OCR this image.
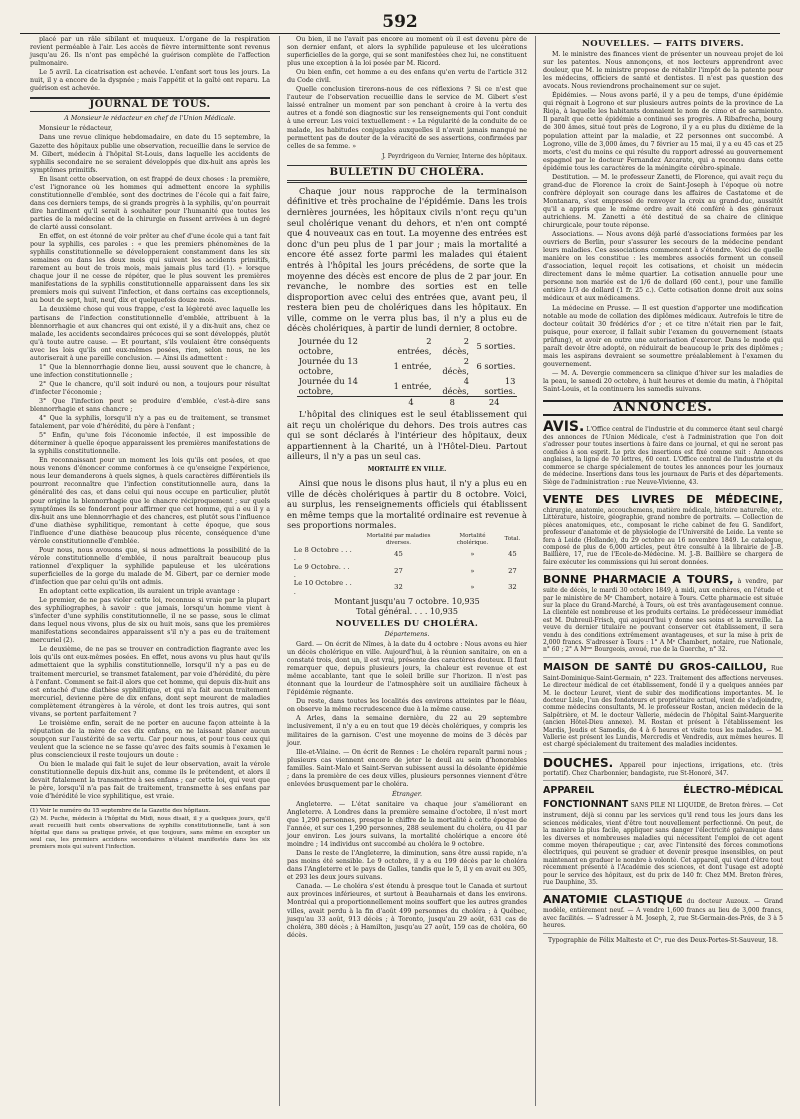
592

placé par un râle sibilant et muqueux. L'organe de la respiration revient perméable à l'air. Les accès de fièvre intermittente sont revenus jusqu'au 26. Ils n'ont pas empêché la guérison complète de l'affection pulmonaire.

Le 5 avril. La cicatrisation est achevée. L'enfant sort tous les jours. La nuit, il y a encore de la dyspnée ; mais l'appétit et la gaîté ont reparu. La guérison est achevée.

JOURNAL DE TOUS.
A Monsieur le rédacteur en chef de l'Union Médicale.

Monsieur le rédacteur,

Dans une revue clinique hebdomadaire, en date du 15 septembre, la Gazette des hôpitaux publie une observation, recueillie dans le service de M. Gibert, médecin à l'hôpital St-Louis, dans laquelle les accidents de syphilis secondaire ne se seraient développés que dix-huit ans après les symptômes primitifs.

En lisant cette observation, on est frappé de deux choses : la première, c'est l'ignorance où les hommes qui admettent encore la syphilis constitutionnelle d'emblée, sont des doctrines de l'école qui a fait faire, dans ces derniers temps, de si grands progrès à la syphilis, qu'on pourrait dire hardiment qu'il serait à souhaiter pour l'humanité que toutes les parties de la médecine et de la chirurgie en fussent arrivées à un degré de clarté aussi consolant.

En effet, on est étonné de voir prêter au chef d'une école qui a tant fait pour la syphilis, ces paroles : « que les premiers phénomènes de la syphilis constitutionnelle se développeraient constamment dans les six semaines ou dans les deux mois qui suivent les accidents primitifs, rarement au bout de trois mois, mais jamais plus tard (1). » lorsque chaque jour il ne cesse de répéter, que le plus souvent les premières manifestations de la syphilis constitutionnelle apparaissent dans les six premiers mois qui suivent l'infection, et dans certains cas exceptionnels, au bout de sept, huit, neuf, dix et quelquefois douze mois.

La deuxième chose qui vous frappe, c'est la légèreté avec laquelle les partisans de l'infection constitutionnelle d'emblée, attribuent à la blennorrhagie et aux chancres qui ont existé, il y a dix-huit ans, chez ce malade, les accidents secondaires précoces qui se sont développés, plutôt qu'à toute autre cause. — Et pourtant, s'ils voulaient être conséquents avec les lois qu'ils ont eux-mêmes posées, rien, selon nous, ne les autoriserait à une pareille conclusion. — Ainsi ils admettent :

1° Que la blennorrhagie donne lieu, aussi souvent que le chancre, à une infection constitutionnelle ;

2° Que le chancre, qu'il soit induré ou non, a toujours pour résultat d'infecter l'économie ;

3° Que l'infection peut se produire d'emblée, c'est-à-dire sans blennorrhagie et sans chancre ;

4° Que la syphilis, lorsqu'il n'y a pas eu de traitement, se transmet fatalement, par voie d'hérédité, du père à l'enfant ;

5° Enfin, qu'une fois l'économie infectée, il est impossible de déterminer à quelle époque apparaissent les premières manifestations de la syphilis constitutionnelle.

En reconnaissant pour un moment les lois qu'ils ont posées, et que nous venons d'énoncer comme conformes à ce qu'enseigne l'expérience, nous leur demanderons à quels signes, à quels caractères différentiels ils pourront reconnaître que l'infection constitutionnelle aura, dans la généralité des cas, et dans celui qui nous occupe en particulier, plutôt pour origine la blennorrhagie que le chancre réciproquement ; sur quels symptômes ils se fonderont pour affirmer que cet homme, qui a eu il y a dix-huit ans une blennorrhagie et des chancres, est plutôt sous l'influence d'une diathèse syphilitique, remontant à cette époque, que sous l'influence d'une diathèse beaucoup plus récente, conséquence d'une vérole constitutionnelle d'emblée.

Pour nous, nous avouons que, si nous admettions la possibilité de la vérole constitutionnelle d'emblée, il nous paraîtrait beaucoup plus rationnel d'expliquer la syphilide papuleuse et les ulcérations superficielles de la gorge du malade de M. Gibert, par ce dernier mode d'infection que par celui qu'ils ont admis.

En adoptant cette explication, ils auraient un triple avantage :

Le premier, de ne pas violer cette loi, reconnue si vraie par la plupart des syphiliographes, à savoir : que jamais, lorsqu'un homme vient à s'infecter d'une syphilis constitutionnelle, il ne se passe, sous le climat dans lequel nous vivons, plus de six ou huit mois, sans que les premières manifestations secondaires apparaissent s'il n'y a pas eu de traitement mercuriel (2).

Le deuxième, de ne pas se trouver en contradiction flagrante avec les lois qu'ils ont eux-mêmes posées. En effet, nous avons vu plus haut qu'ils admettaient que la syphilis constitutionnelle, lorsqu'il n'y a pas eu de traitement mercuriel, se transmet fatalement, par voie d'hérédité, du père à l'enfant. Comment se fait-il alors que cet homme, qui depuis dix-huit ans est entaché d'une diathèse syphilitique, et qui n'a fait aucun traitement mercuriel, devienne père de dix enfans, dont sept meurent de maladies complètement étrangères à la vérole, et dont les trois autres, qui sont vivans, se portent parfaitement ?

Le troisième enfin, serait de ne porter en aucune façon atteinte à la réputation de la mère de ces dix enfans, en ne laissant planer aucun soupçon sur l'austérité de sa vertu. Car pour nous, et pour tous ceux qui veulent que la science ne se fasse qu'avec des faits soumis à l'examen le plus consciencieux il reste toujours un doute :

Ou bien le malade qui fait le sujet de leur observation, avait la vérole constitutionnelle depuis dix-huit ans, comme ils le prétendent, et alors il devait fatalement la transmettre à ses enfans ; car cette loi, qui veut que le père, lorsqu'il n'a pas fait de traitement, transmette à ses enfans par voie d'hérédité le vice syphilitique, est vraie.

(1) Voir le numéro du 15 septembre de la Gazette des hôpitaux.

(2) M. Puche, médecin à l'hôpital du Midi, nous disait, il y a quelques jours, qu'il avait recueilli huit cents observations de syphilis constitutionnelle, tant à son hôpital que dans sa pratique privée, et que toujours, sans même en excepter un seul cas, les premiers accidens secondaires n'étaient manifestés dans les six premiers mois qui suivent l'infection.

Ou bien, il ne l'avait pas encore au moment où il est devenu père de son dernier enfant, et alors la syphilide papuleuse et les ulcérations superficielles de la gorge, qui se sont manifestées chez lui, ne constituent plus une exception à la loi posée par M. Ricord.

Ou bien enfin, cet homme a eu des enfans qu'en vertu de l'article 312 du Code civil.

Quelle conclusion tirerons-nous de ces réflexions ? Si ce n'est que l'auteur de l'observation recueillie dans le service de M. Gibert s'est laissé entraîner un moment par son penchant à croire à la vertu des autres et a fondé son diagnostic sur les renseignements qui l'ont conduit à une erreur. Les voici textuellement : « La régularité de la conduite de ce malade, les habitudes conjugales auxquelles il n'avait jamais manqué ne permettent pas de douter de la véracité de ses assertions, confirmées par celles de sa femme. »

J. Peyrdrigeon du Vernier, Interne des hôpitaux.
BULLETIN DU CHOLÉRA.

Chaque jour nous rapproche de la terminaison définitive et très prochaine de l'épidémie. Dans les trois dernières journées, les hôpitaux civils n'ont reçu qu'un seul cholérique venant du dehors, et n'en ont compté que 4 nouveaux cas en tout. La moyenne des entrées est donc d'un peu plus de 1 par jour ; mais la mortalité a encore été assez forte parmi les malades qui étaient entrés à l'hôpital les jours précédens, de sorte que la moyenne des décès est encore de plus de 2 par jour. En revanche, le nombre des sorties est en telle disproportion avec celui des entrées que, avant peu, il restera bien peu de cholériques dans les hôpitaux. En ville, comme on le verra plus bas, il n'y a plus eu de décès cholériques, à partir de lundi dernier, 8 octobre.

Journée du 12 octobre,	2 entrées,	2 décès,	5 sorties.
Journée du 13 octobre,	1 entrée,	2 décès,	6 sorties.
Journée du 14 octobre,	1 entrée,	4 décès,	13 sorties.
	4	8	24

L'hôpital des cliniques est le seul établissement qui ait reçu un cholérique du dehors. Des trois autres cas qui se sont déclarés à l'intérieur des hôpitaux, deux appartiennent à la Charité, un à l'Hôtel-Dieu. Partout ailleurs, il n'y a pas un seul cas.

MORTALITÉ EN VILLE.

Ainsi que nous le disons plus haut, il n'y a plus eu en ville de décès cholériques à partir du 8 octobre. Voici, au surplus, les renseignements officiels qui établissent en même temps que la mortalité ordinaire est revenue à ses proportions normales.

	Mortalité par maladies diverses.	Mortalité cholérique.	Total.
Le 8 Octobre . . . .	45	»	45
Le 9 Octobre. . . .	27	»	27
Le 10 Octobre . . .	32	»	32
Montant jusqu'au 7 octobre. 10,935
Total général. . . . 10,935
NOUVELLES DU CHOLÉRA.
Départemens.

Gard. — On écrit de Nîmes, à la date du 4 octobre : Nous avons eu hier un décès cholérique en ville. Aujourd'hui, à la réunion sanitaire, on en a constaté trois, dont un, il est vrai, présente des caractères douteux. Il faut remarquer que, depuis plusieurs jours, la chaleur est revenue et est même accablante, tant que le soleil brille sur l'horizon. Il n'est pas étonnant que la lourdeur de l'atmosphère soit un auxiliaire fâcheux à l'épidémie régnante.

Du reste, dans toutes les localités des environs atteintes par le fléau, on observe la même recrudescence due à la même cause.

A Arles, dans la semaine dernière, du 22 au 29 septembre inclusivement, il n'y a eu en tout que 19 décès cholériques, y compris les militaires de la garnison. C'est une moyenne de moins de 3 décès par jour.

Ille-et-Vilaine. — On écrit de Rennes : Le choléra reparaît parmi nous ; plusieurs cas viennent encore de jeter le deuil au sein d'honorables familles. Saint-Malo et Saint-Servan subissent aussi la désolante épidémie ; dans la première de ces deux villes, plusieurs personnes viennent d'être enlevées brusquement par le choléra.

Étranger.

Angleterre. — L'état sanitaire va chaque jour s'améliorant en Angleterre. A Londres dans la première semaine d'octobre, il n'est mort que 1,290 personnes, presque le chiffre de la mortalité à cette époque de l'année, et sur ces 1,290 personnes, 288 seulement du choléra, ou 41 par jour environ. Les jours suivans, la mortalité cholérique a encore été moindre ; 14 individus ont succombé au choléra le 9 octobre.

Dans le reste de l'Angleterre, la diminution, sans être aussi rapide, n'a pas moins été sensible. Le 9 octobre, il y a eu 199 décès par le choléra dans l'Angleterre et le pays de Galles, tandis que le 5, il y en avait eu 305, et 293 les deux jours suivans.

Canada. — Le choléra s'est étendu à presque tout le Canada et surtout aux provinces inférieures, et surtout à Beauharnais et dans les environs. Montréal qui a proportionnellement moins souffert que les autres grandes villes, avait perdu à la fin d'août 499 personnes du choléra ; à Québec, jusqu'au 33 août, 913 décès ; à Toronto, jusqu'au 29 août, 631 cas de choléra, 380 décès ; à Hamilton, jusqu'au 27 août, 159 cas de choléra, 60 décès.

NOUVELLES. — FAITS DIVERS.

M. le ministre des finances vient de présenter un nouveau projet de loi sur les patentes. Nous annonçons, et nos lecteurs apprendront avec douleur, que M. le ministre propose de rétablir l'impôt de la patente pour les médecins, officiers de santé et dentistes. Il n'est pas question des avocats. Nous reviendrons prochainement sur ce sujet.

Épidémies. — Nous avons parlé, il y a peu de temps, d'une épidémie qui régnait à Logrono et sur plusieurs autres points de la province de La Rioja, à laquelle les habitants donnaient le nom de cimo et de sarmiento. Il paraît que cette épidémie a continué ses progrès. A Ribafrecha, bourg de 300 âmes, situé tout près de Logrono, il y a eu plus du dixième de la population atteint par la maladie, et 22 personnes ont succombé. A Logrono, ville de 3,000 âmes, du 7 février au 15 mai, il y a eu 45 cas et 25 morts, c'est du moins ce qui résulte du rapport adressé au gouvernement espagnol par le docteur Fernandez Azcarate, qui a reconnu dans cette épidémie tous les caractères de la méningite cérébro-spinale.

Destitution. — M. le professeur Zanetti, de Florence, qui avait reçu du grand-duc de Florence la croix de Saint-Joseph à l'époque où notre confrère déployait son courage dans les affaires de Castatome et de Montanara, s'est empressé de renvoyer la croix au grand-duc, aussitôt qu'il a appris que le même ordre avait été conféré à des généraux autrichiens. M. Zanetti a été destitué de sa chaire de clinique chirurgicale, pour toute réponse.

Associations. — Nous avons déjà parlé d'associations formées par les ouvriers de Berlin, pour s'assurer les secours de la médecine pendant leurs maladies. Ces associations commencent à s'étendre. Voici de quelle manière on les constitue : les membres associés forment un conseil d'association, lequel reçoit les cotisations, et choisit un médecin directement dans le même quartier. La cotisation annuelle pour une personne non mariée est de 1/6 de dollard (60 cent.), pour une famille entière 1/3 de dollard (1 fr. 25 c.). Cette cotisation donne droit aux soins médicaux et aux médicamens.

La médecine en Prusse. — Il est question d'apporter une modification notable au mode de collation des diplômes médicaux. Autrefois le titre de docteur coûtait 30 frédérics d'or ; et ce titre n'était rien par le fait, puisque, pour exercer, il fallait subir l'examen du gouvernement (staats prüfung), et avoir en outre une autorisation d'exercer. Dans le mode qui paraît devoir être adopté, on réduirait de beaucoup le prix des diplômes ; mais les aspirans devraient se soumettre préalablement à l'examen du gouvernement.

— M. A. Devergie commencera sa clinique d'hiver sur les maladies de la peau, le samedi 20 octobre, à huit heures et demie du matin, à l'hôpital Saint-Louis, et la continuera les samedis suivans.

ANNONCES.

AVIS. L'Office central de l'industrie et du commerce étant seul chargé des annonces de l'Union Médicale, c'est à l'administration que l'on doit s'adresser pour toutes insertions à faire dans ce journal, et qui ne seront pas confiées à son esprit. Le prix des insertions est fixé comme suit : Annonces anglaises, la ligne de 70 lettres, 60 cent. L'Office central de l'industrie et du commerce se charge spécialement de toutes les annonces pour les journaux de médecine. Insertions dans tous les journaux de Paris et des départements. Siège de l'administration : rue Neuve-Vivienne, 43.

VENTE DES LIVRES DE MÉDECINE, chirurgie, anatomie, accouchemens, matière médicale, histoire naturelle, etc. Littérature, histoire, géographie, grand nombre de portraits. — Collection de pièces anatomiques, etc., composant le riche cabinet de feu G. Sandifort, professeur d'anatomie et de physiologie de l'Université de Leide. La vente se fera à Leide (Hollande), du 29 octobre au 16 novembre 1849. Le catalogue, composé de plus de 6,000 articles, peut être consulté à la librairie de J.-B. Baillière, 17, rue de l'Ecole-de-Médecine. M. J.-B. Baillière se chargera de faire exécuter les commissions qui lui seront données.

BONNE PHARMACIE A TOURS, à vendre, par suite de décès, le mardi 30 octobre 1849, à midi, aux enchères, en l'étude et par le ministère de Mᵉ Chambert, notaire à Tours. Cette pharmacie est située sur la place du Grand-Marché, à Tours, où est très avantageusement connue. La clientèle est nombreuse et les produits certains. Le prédécesseur immédiat est M. Dubreuil-Frisch, qui aujourd'hui y donne ses soins et la surveille. La veuve du dernier titulaire ne pouvant conserver cet établissement, il sera vendu à des conditions extrêmement avantageuses, et sur la mise à prix de 2,000 francs. S'adresser à Tours : 1° A Mᵉ Chambert, notaire, rue Nationale, n° 60 ; 2° A Mᵐᵉ Bourgeois, avoué, rue de la Guerche, n° 32.

MAISON DE SANTÉ DU GROS-CAILLOU, Rue Saint-Dominique-Saint-Germain, n° 223. Traitement des affections nerveuses. Le directeur médical de cet établissement, fondé il y a quelques années par M. le docteur Leuret, vient de subir des modifications importantes. M. le docteur Lisle, l'un des fondateurs et propriétaire actuel, vient de s'adjoindre, comme médecins consultants, M. le professeur Rostan, ancien médecin de la Salpêtrière, et M. le docteur Vallerie, médecin de l'hôpital Saint-Marguerite (ancien Hôtel-Dieu annexe). M. Rostan et présent à l'établissement les Mardis, Jeudis et Samedis, de 4 à 6 heures et visite tous les malades. — M. Vallerie est présent les Lundis, Mercredis et Vendredis, aux mêmes heures. Il est chargé spécialement du traitement des maladies incidentes.

DOUCHES. Appareil pour injections, irrigations, etc. (très portatif). Chez Charbonnier, bandagiste, rue St-Honoré, 347.

APPAREIL ÉLECTRO-MÉDICAL FONCTIONNANT SANS PILE NI LIQUIDE, de Breton frères. — Cet instrument, déjà si connu par les services qu'il rend tous les jours dans les sciences médicales, vient d'être tout nouvellement perfectionné. On peut, de la manière la plus facile, appliquer sans danger l'électricité galvanique dans les diverses et nombreuses maladies qui nécessitent l'emploi de cet agent comme moyen thérapeutique ; car, avec l'intensité des forces commotions électriques, qui peuvent se graduer et devenir presque insensibles, on peut maintenant en graduer le nombre à volonté. Cet appareil, qui vient d'être tout récemment présenté à l'Académie des sciences, et dont l'usage est adopté pour le service des hôpitaux, est du prix de 140 fr. Chez MM. Breton frères, rue Dauphine, 35.

ANATOMIE CLASTIQUE du docteur Auzoux. — Grand modèle, entièrement neuf. — A vendre 1,600 francs au lieu de 3,000 francs, avec facilités. — S'adresser à M. Joseph, 2, rue St-Germain-des-Prés, de 3 à 5 heures.

Typographie de Félix Malteste et Cᵉ, rue des Deux-Portes-St-Sauveur, 18.
